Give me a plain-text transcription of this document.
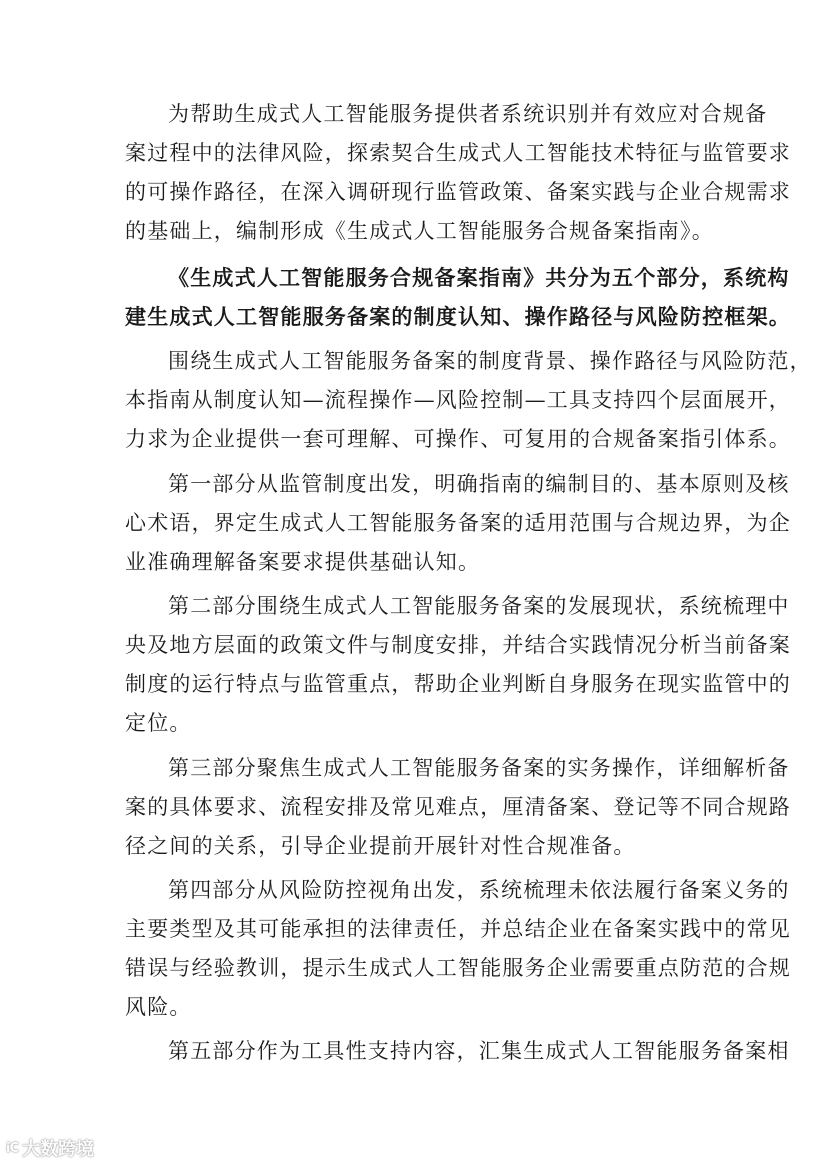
为帮助生成式人工智能服务提供者系统识别并有效应对合规备
案过程中的法律风险，探索契合生成式人工智能技术特征与监管要求
的可操作路径，在深入调研现行监管政策、备案实践与企业合规需求
的基础上，编制形成《生成式人工智能服务合规备案指南》。
《生成式人工智能服务合规备案指南》共分为五个部分，系统构
建生成式人工智能服务备案的制度认知、操作路径与风险防控框架。
围绕生成式人工智能服务备案的制度背景、操作路径与风险防范，
本指南从制度认知—流程操作—风险控制—工具支持四个层面展开，
力求为企业提供一套可理解、可操作、可复用的合规备案指引体系。
第一部分从监管制度出发，明确指南的编制目的、基本原则及核
心术语，界定生成式人工智能服务备案的适用范围与合规边界，为企
业准确理解备案要求提供基础认知。
第二部分围绕生成式人工智能服务备案的发展现状，系统梳理中
央及地方层面的政策文件与制度安排，并结合实践情况分析当前备案
制度的运行特点与监管重点，帮助企业判断自身服务在现实监管中的
定位。
第三部分聚焦生成式人工智能服务备案的实务操作，详细解析备
案的具体要求、流程安排及常见难点，厘清备案、登记等不同合规路
径之间的关系，引导企业提前开展针对性合规准备。
第四部分从风险防控视角出发，系统梳理未依法履行备案义务的
主要类型及其可能承担的法律责任，并总结企业在备案实践中的常见
错误与经验教训，提示生成式人工智能服务企业需要重点防范的合规
风险。
第五部分作为工具性支持内容，汇集生成式人工智能服务备案相
iC 大数跨境
